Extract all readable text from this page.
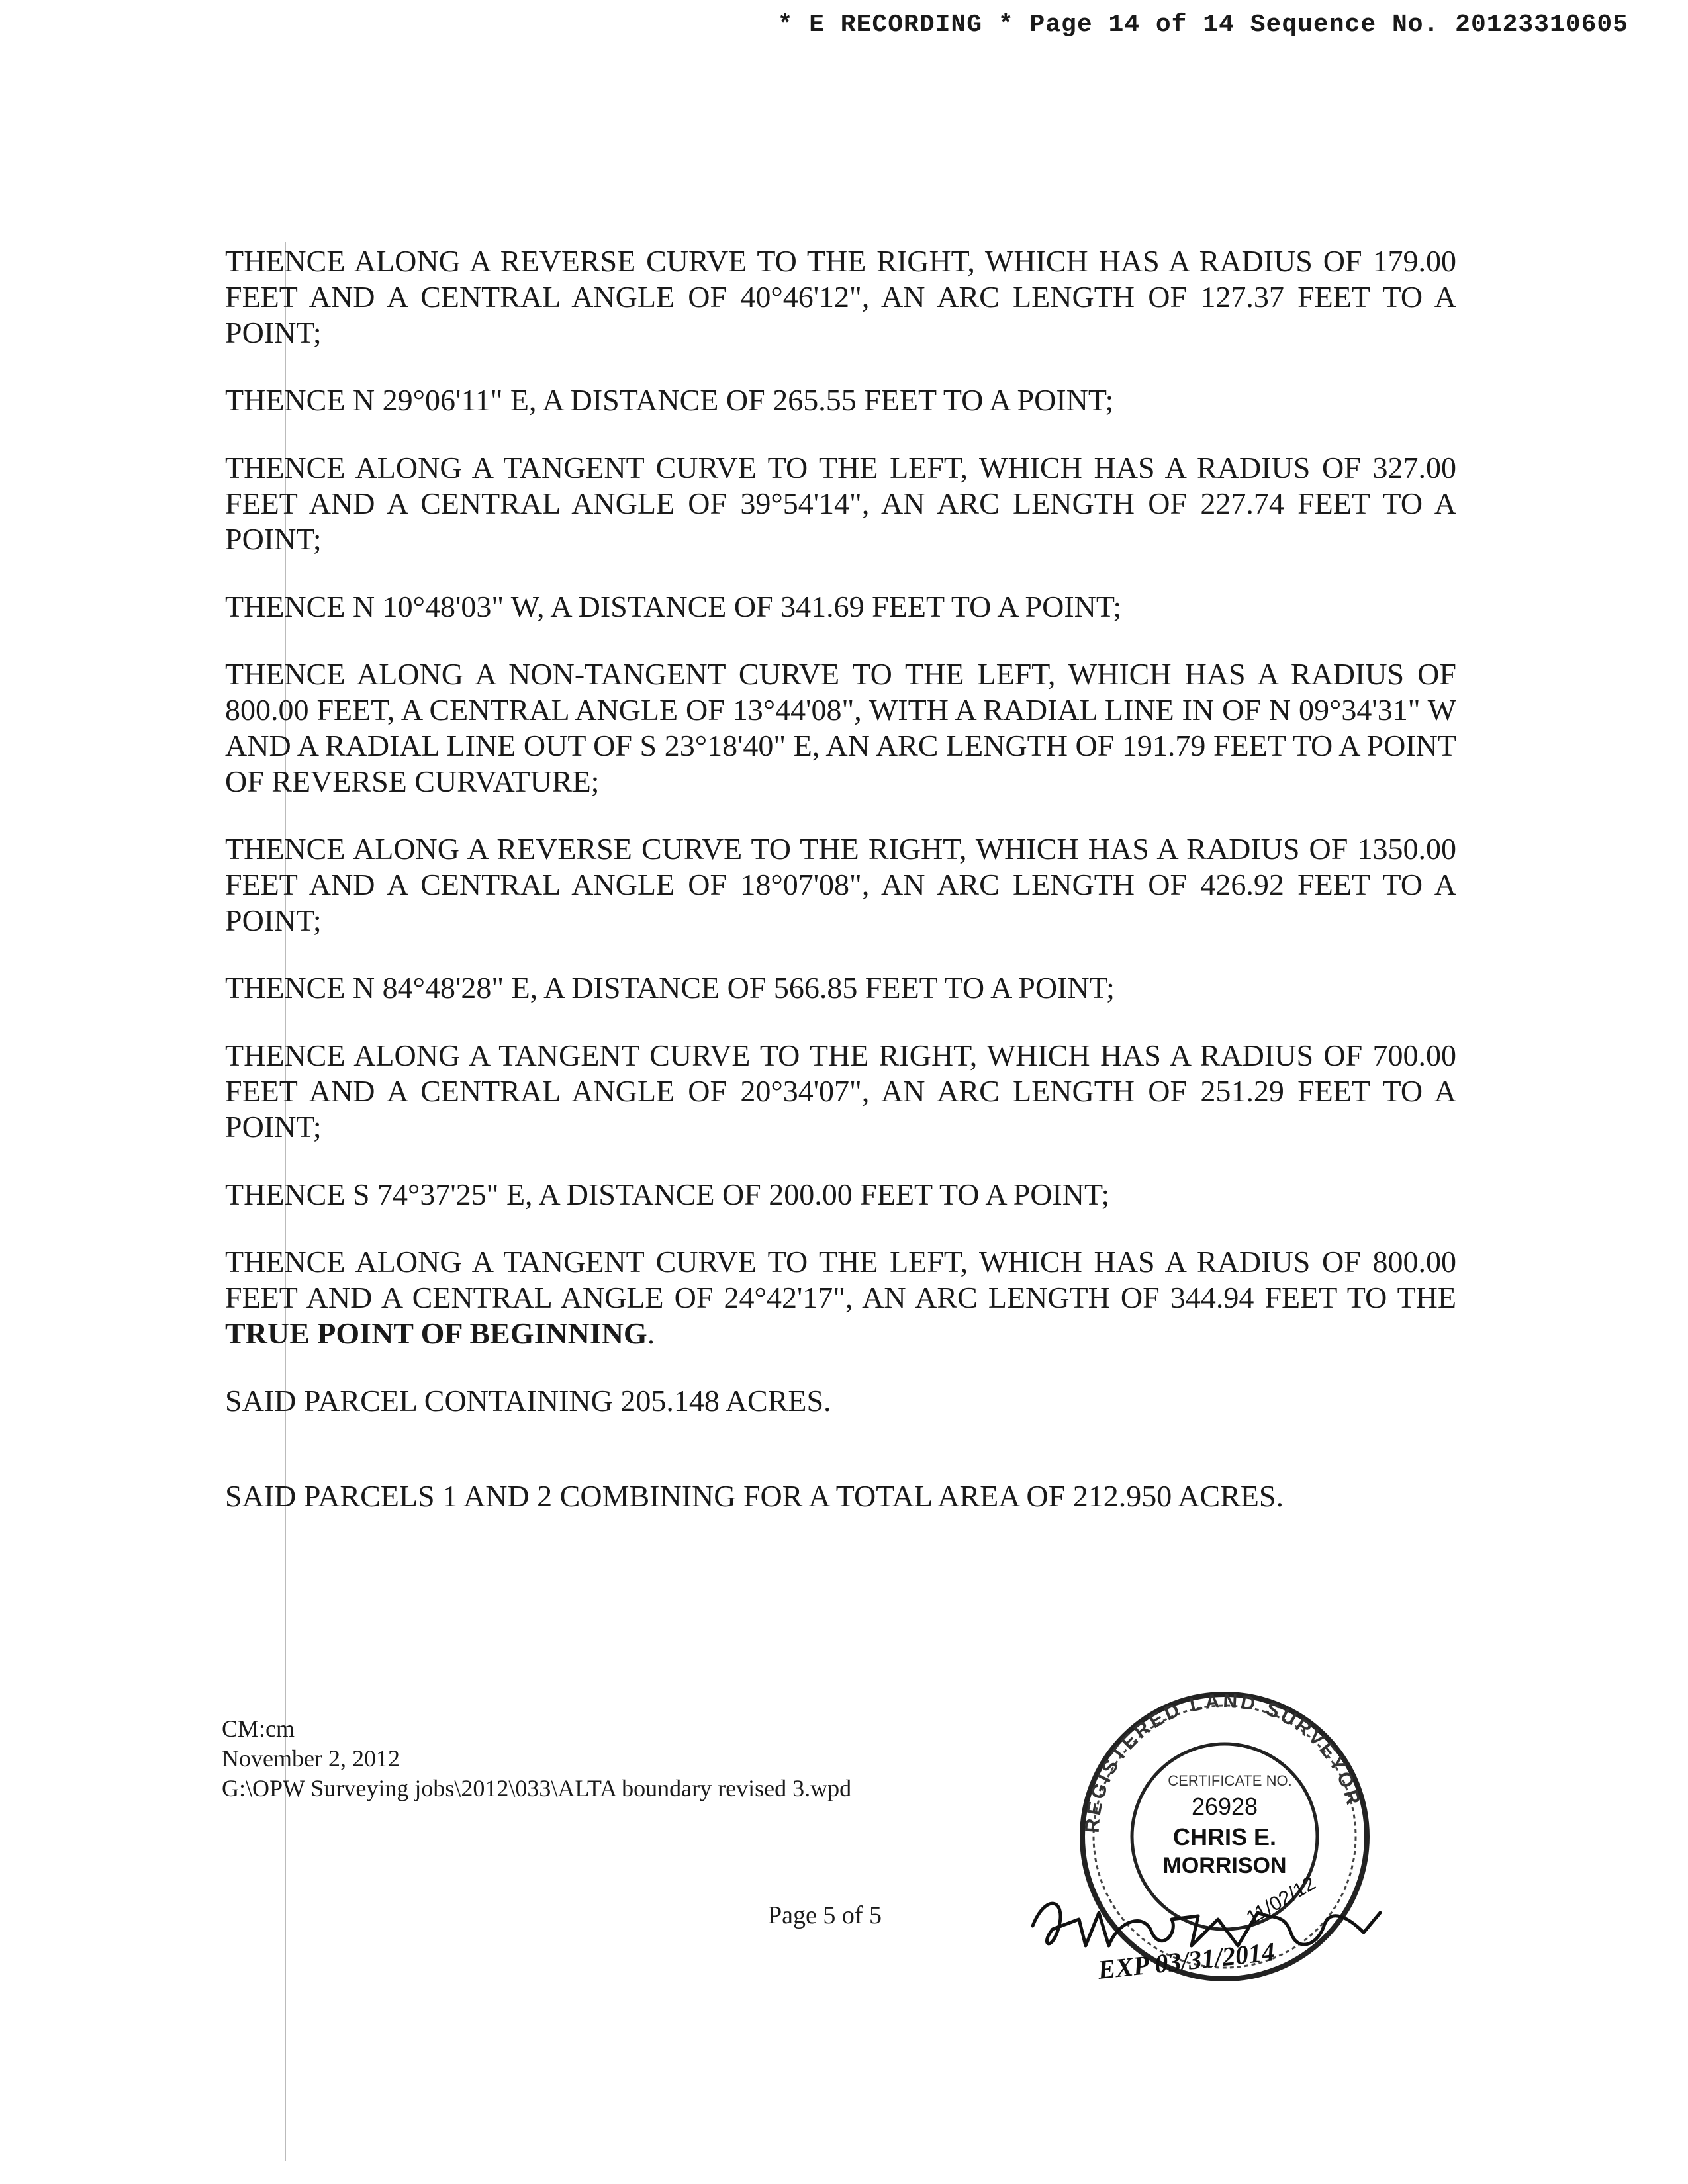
* E RECORDING * Page 14 of 14 Sequence No. 20123310605

THENCE ALONG A REVERSE CURVE TO THE RIGHT, WHICH HAS A RADIUS OF 179.00 FEET AND A CENTRAL ANGLE OF 40°46'12", AN ARC LENGTH OF 127.37 FEET TO A POINT;

THENCE N 29°06'11" E, A DISTANCE OF 265.55 FEET TO A POINT;

THENCE ALONG A TANGENT CURVE TO THE LEFT, WHICH HAS A RADIUS OF 327.00 FEET AND A CENTRAL ANGLE OF 39°54'14", AN ARC LENGTH OF 227.74 FEET TO A POINT;

THENCE N 10°48'03" W, A DISTANCE OF 341.69 FEET TO A POINT;

THENCE ALONG A NON-TANGENT CURVE TO THE LEFT, WHICH HAS A RADIUS OF 800.00 FEET, A CENTRAL ANGLE OF 13°44'08", WITH A RADIAL LINE IN OF N 09°34'31" W AND A RADIAL LINE OUT OF S 23°18'40" E, AN ARC LENGTH OF 191.79 FEET TO A POINT OF REVERSE CURVATURE;

THENCE ALONG A REVERSE CURVE TO THE RIGHT, WHICH HAS A RADIUS OF 1350.00 FEET AND A CENTRAL ANGLE OF 18°07'08", AN ARC LENGTH OF 426.92 FEET TO A POINT;

THENCE N 84°48'28" E, A DISTANCE OF 566.85 FEET TO A POINT;

THENCE ALONG A TANGENT CURVE TO THE RIGHT, WHICH HAS A RADIUS OF 700.00 FEET AND A CENTRAL ANGLE OF 20°34'07", AN ARC LENGTH OF 251.29 FEET TO A POINT;

THENCE S 74°37'25" E, A DISTANCE OF 200.00 FEET TO A POINT;

THENCE ALONG A TANGENT CURVE TO THE LEFT, WHICH HAS A RADIUS OF 800.00 FEET AND A CENTRAL ANGLE OF 24°42'17", AN ARC LENGTH OF 344.94 FEET TO THE TRUE POINT OF BEGINNING.

SAID PARCEL CONTAINING 205.148 ACRES.

SAID PARCELS 1 AND 2 COMBINING FOR A TOTAL AREA OF 212.950 ACRES.

CM:cm
November 2, 2012
G:\OPW Surveying jobs\2012\033\ALTA boundary revised 3.wpd
Page 5 of 5
REGISTERED LAND SURVEYOR
CERTIFICATE NO.
26928
CHRIS E.
MORRISON
11/02/12
EXP 03/31/2014
